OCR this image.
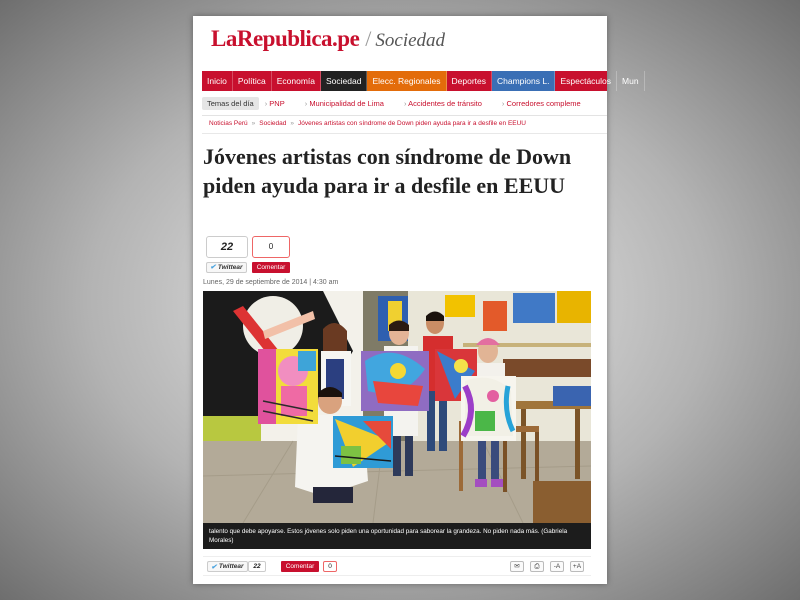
LaRepublica.pe / Sociedad
Inicio	Política	Economía	Sociedad	Elecc. Regionales	Deportes	Champions L.	Espectáculos	Mun
Temas del día	› PNP	› Municipalidad de Lima	› Accidentes de tránsito	› Corredores compleme
Noticias Perú » Sociedad » Jóvenes artistas con síndrome de Down piden ayuda para ir a desfile en EEUU
Jóvenes artistas con síndrome de Down piden ayuda para ir a desfile en EEUU
22	0
✔ Twittear	Comentar
Lunes, 29 de septiembre de 2014 | 4:30 am
talento que debe apoyarse. Estos jóvenes solo piden una oportunidad para saborear la grandeza. No piden nada más. (Gabriela Morales)
✔ Twittear	22	Comentar	0	✉	⎙	-A	+A
